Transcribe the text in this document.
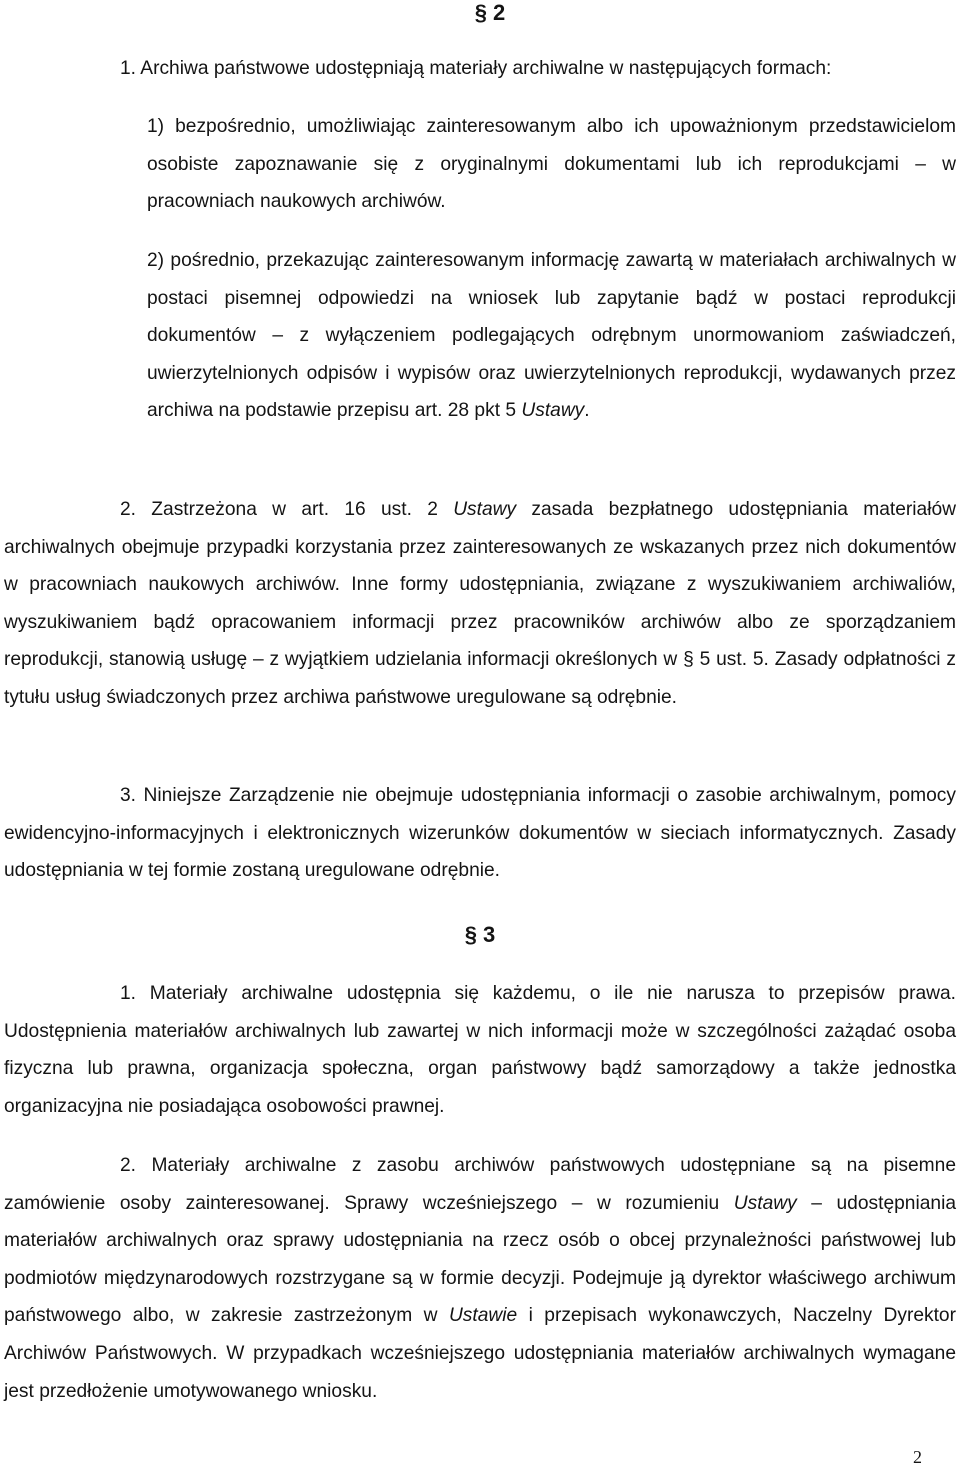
§ 2

1. Archiwa państwowe udostępniają materiały archiwalne w następujących formach:

1) bezpośrednio, umożliwiając zainteresowanym albo ich upoważnionym przedstawicielom osobiste zapoznawanie się z oryginalnymi dokumentami lub ich reprodukcjami – w pracowniach naukowych archiwów.

2) pośrednio, przekazując zainteresowanym informację zawartą w materiałach archiwalnych w postaci pisemnej odpowiedzi na wniosek lub zapytanie bądź w postaci reprodukcji dokumentów – z wyłączeniem podlegających odrębnym unormowaniom zaświadczeń, uwierzytelnionych odpisów i wypisów oraz uwierzytelnionych reprodukcji, wydawanych przez archiwa na podstawie przepisu art. 28 pkt 5 Ustawy.

2. Zastrzeżona w art. 16 ust. 2 Ustawy zasada bezpłatnego udostępniania materiałów archiwalnych obejmuje przypadki korzystania przez zainteresowanych ze wskazanych przez nich dokumentów w pracowniach naukowych archiwów. Inne formy udostępniania, związane z wyszukiwaniem archiwaliów, wyszukiwaniem bądź opracowaniem informacji przez pracowników archiwów albo ze sporządzaniem reprodukcji, stanowią usługę – z wyjątkiem udzielania informacji określonych w § 5 ust. 5. Zasady odpłatności z tytułu usług świadczonych przez archiwa państwowe uregulowane są odrębnie.

3. Niniejsze Zarządzenie nie obejmuje udostępniania informacji o zasobie archiwalnym, pomocy ewidencyjno-informacyjnych i elektronicznych wizerunków dokumentów w sieciach informatycznych. Zasady udostępniania w tej formie zostaną uregulowane odrębnie.

§ 3

1. Materiały archiwalne udostępnia się każdemu, o ile nie narusza to przepisów prawa. Udostępnienia materiałów archiwalnych lub zawartej w nich informacji może w szczególności zażądać osoba fizyczna lub prawna, organizacja społeczna, organ państwowy bądź samorządowy a także jednostka organizacyjna nie posiadająca osobowości prawnej.

2. Materiały archiwalne z zasobu archiwów państwowych udostępniane są na pisemne zamówienie osoby zainteresowanej. Sprawy wcześniejszego – w rozumieniu Ustawy – udostępniania materiałów archiwalnych oraz sprawy udostępniania na rzecz osób o obcej przynależności państwowej lub podmiotów międzynarodowych rozstrzygane są w formie decyzji. Podejmuje ją dyrektor właściwego archiwum państwowego albo, w zakresie zastrzeżonym w Ustawie i przepisach wykonawczych, Naczelny Dyrektor Archiwów Państwowych. W przypadkach wcześniejszego udostępniania materiałów archiwalnych wymagane jest przedłożenie umotywowanego wniosku.

2
